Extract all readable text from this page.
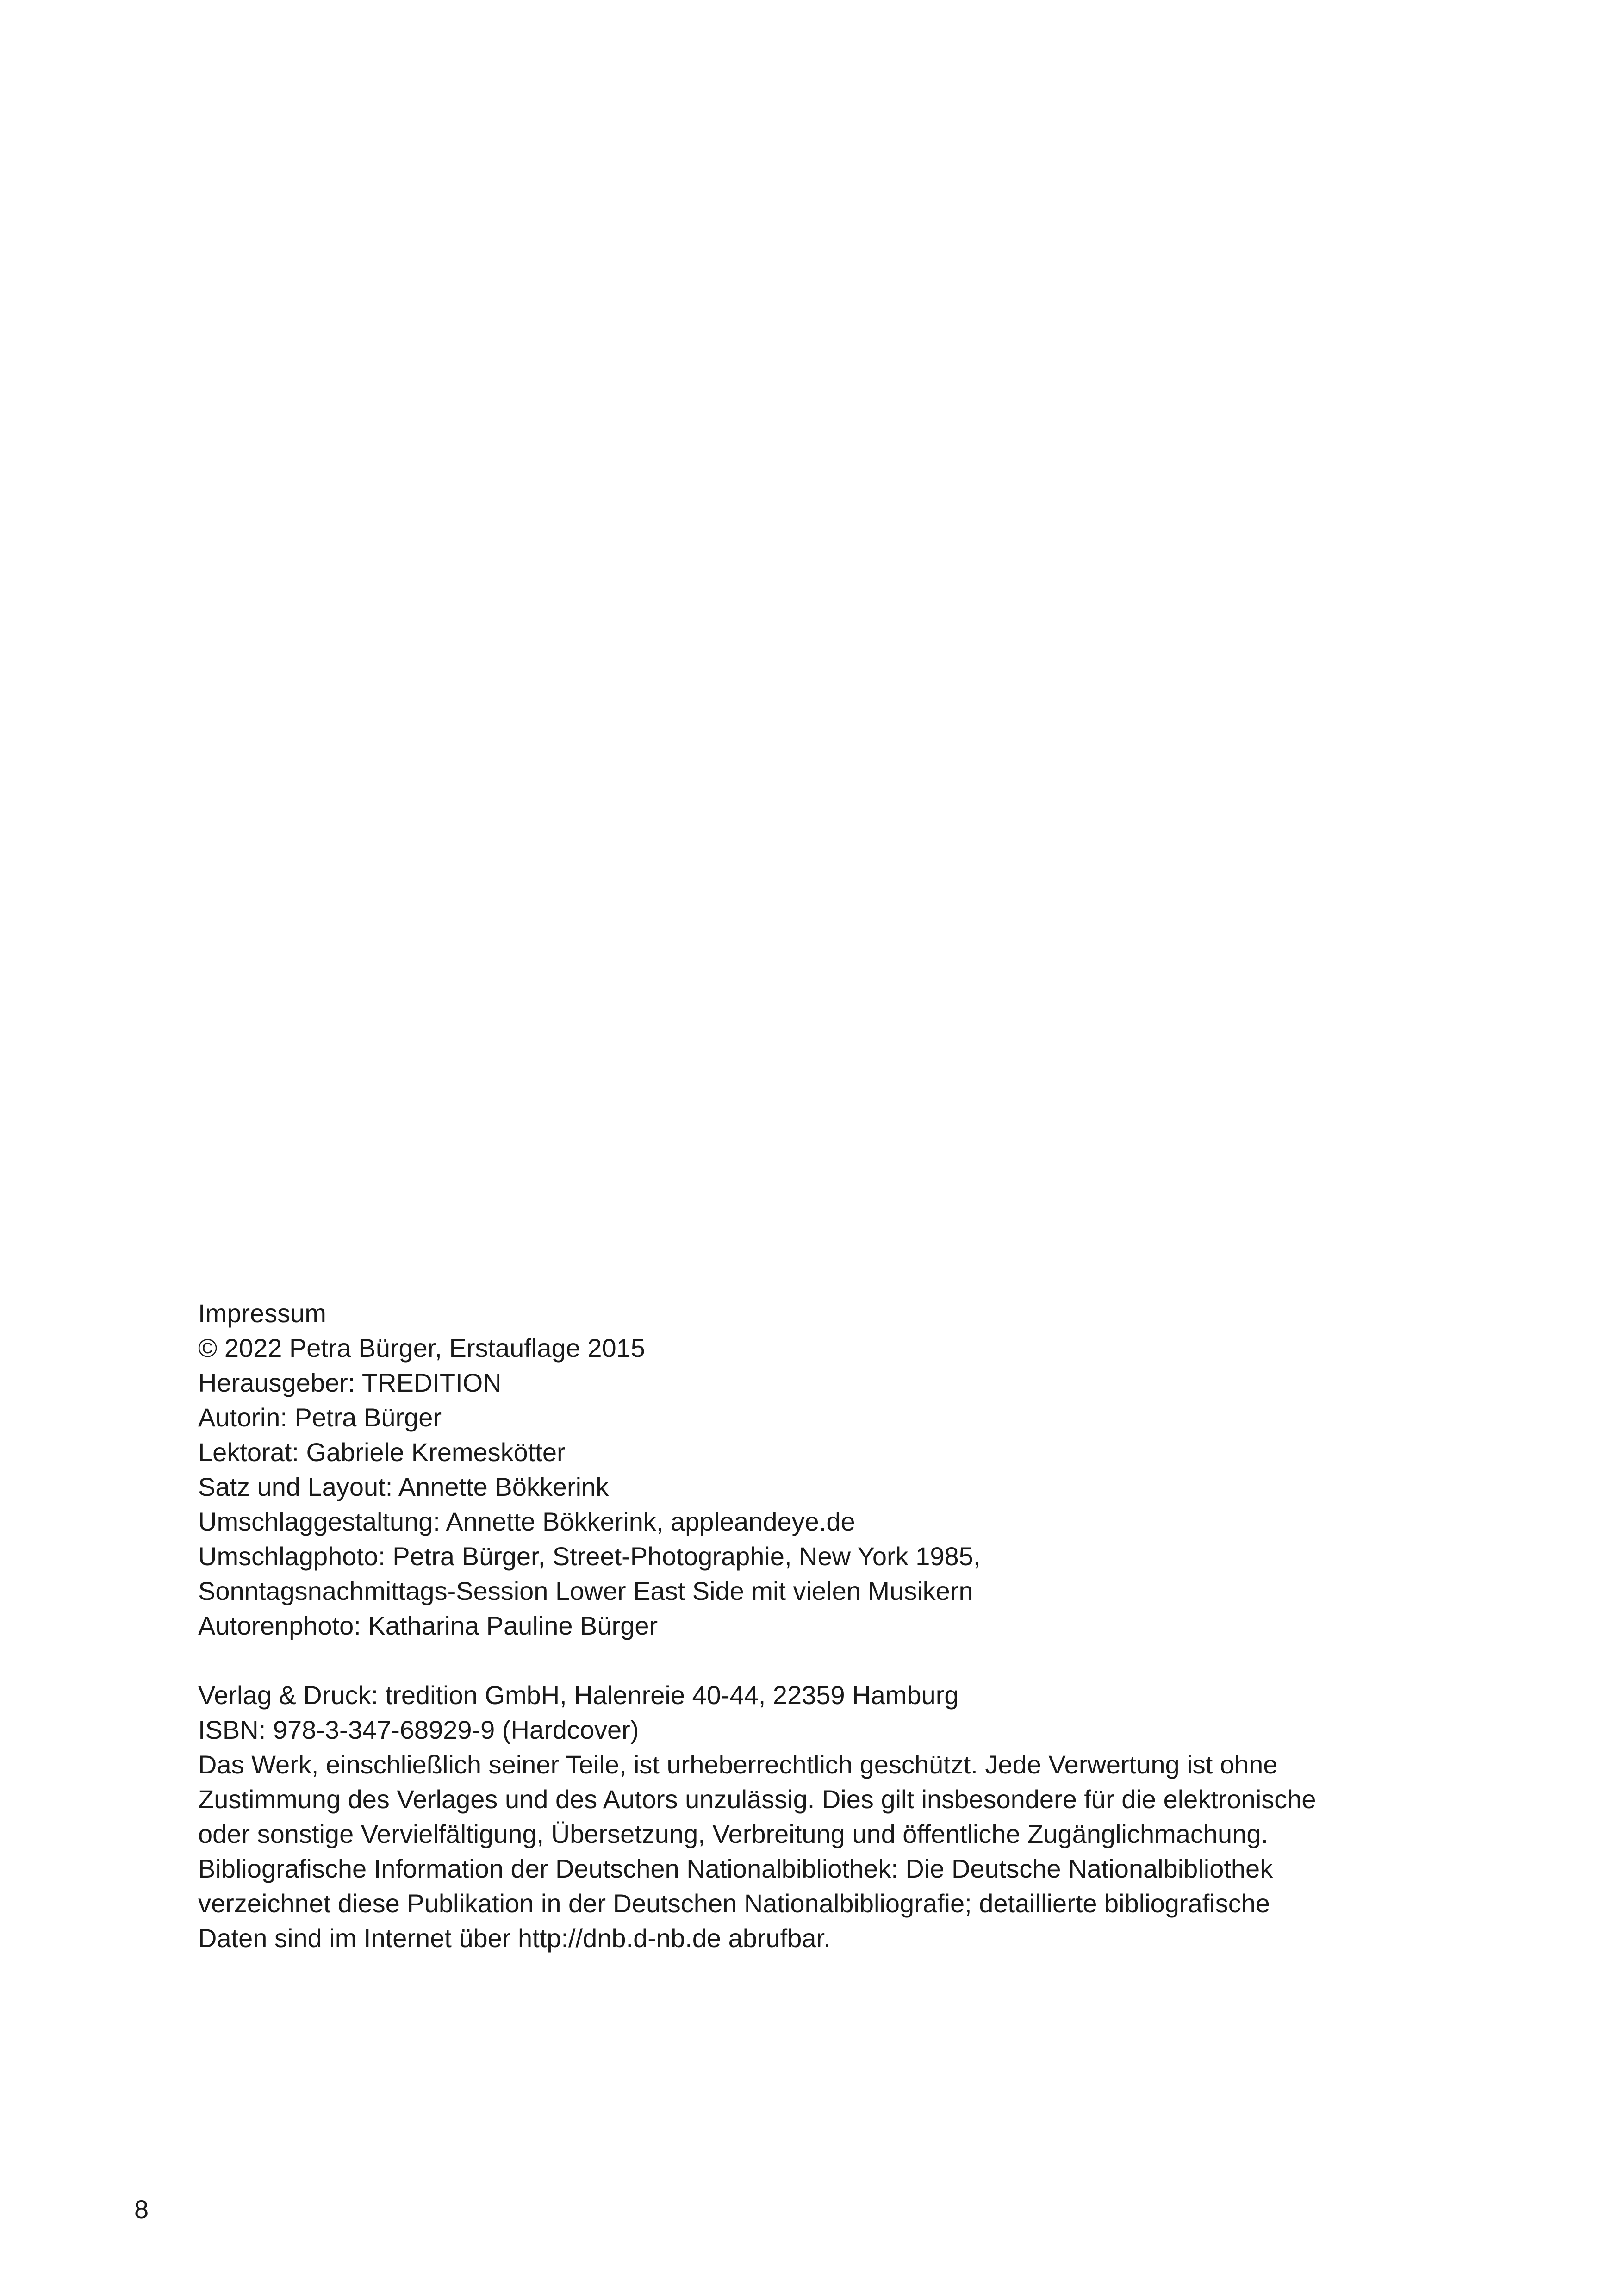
Impressum

© 2022 Petra Bürger, Erstauflage 2015

Herausgeber: TREDITION

Autorin: Petra Bürger

Lektorat: Gabriele Kremeskötter

Satz und Layout: Annette Bökkerink

Umschlaggestaltung: Annette Bökkerink, appleandeye.de

Umschlagphoto: Petra Bürger, Street-Photographie, New York 1985,

Sonntagsnachmittags-Session Lower East Side mit vielen Musikern

Autorenphoto: Katharina Pauline Bürger

Verlag & Druck: tredition GmbH, Halenreie 40-44, 22359 Hamburg

ISBN: 978-3-347-68929-9 (Hardcover)

Das Werk, einschließlich seiner Teile, ist urheberrechtlich geschützt. Jede Verwertung ist ohne

Zustimmung des Verlages und des Autors unzulässig. Dies gilt insbesondere für die elektronische

oder sonstige Vervielfältigung, Übersetzung, Verbreitung und öffentliche Zugänglichmachung.

Bibliografische Information der Deutschen Nationalbibliothek: Die Deutsche Nationalbibliothek

verzeichnet diese Publikation in der Deutschen Nationalbibliografie; detaillierte bibliografische

Daten sind im Internet über http://dnb.d-nb.de abrufbar.

8
